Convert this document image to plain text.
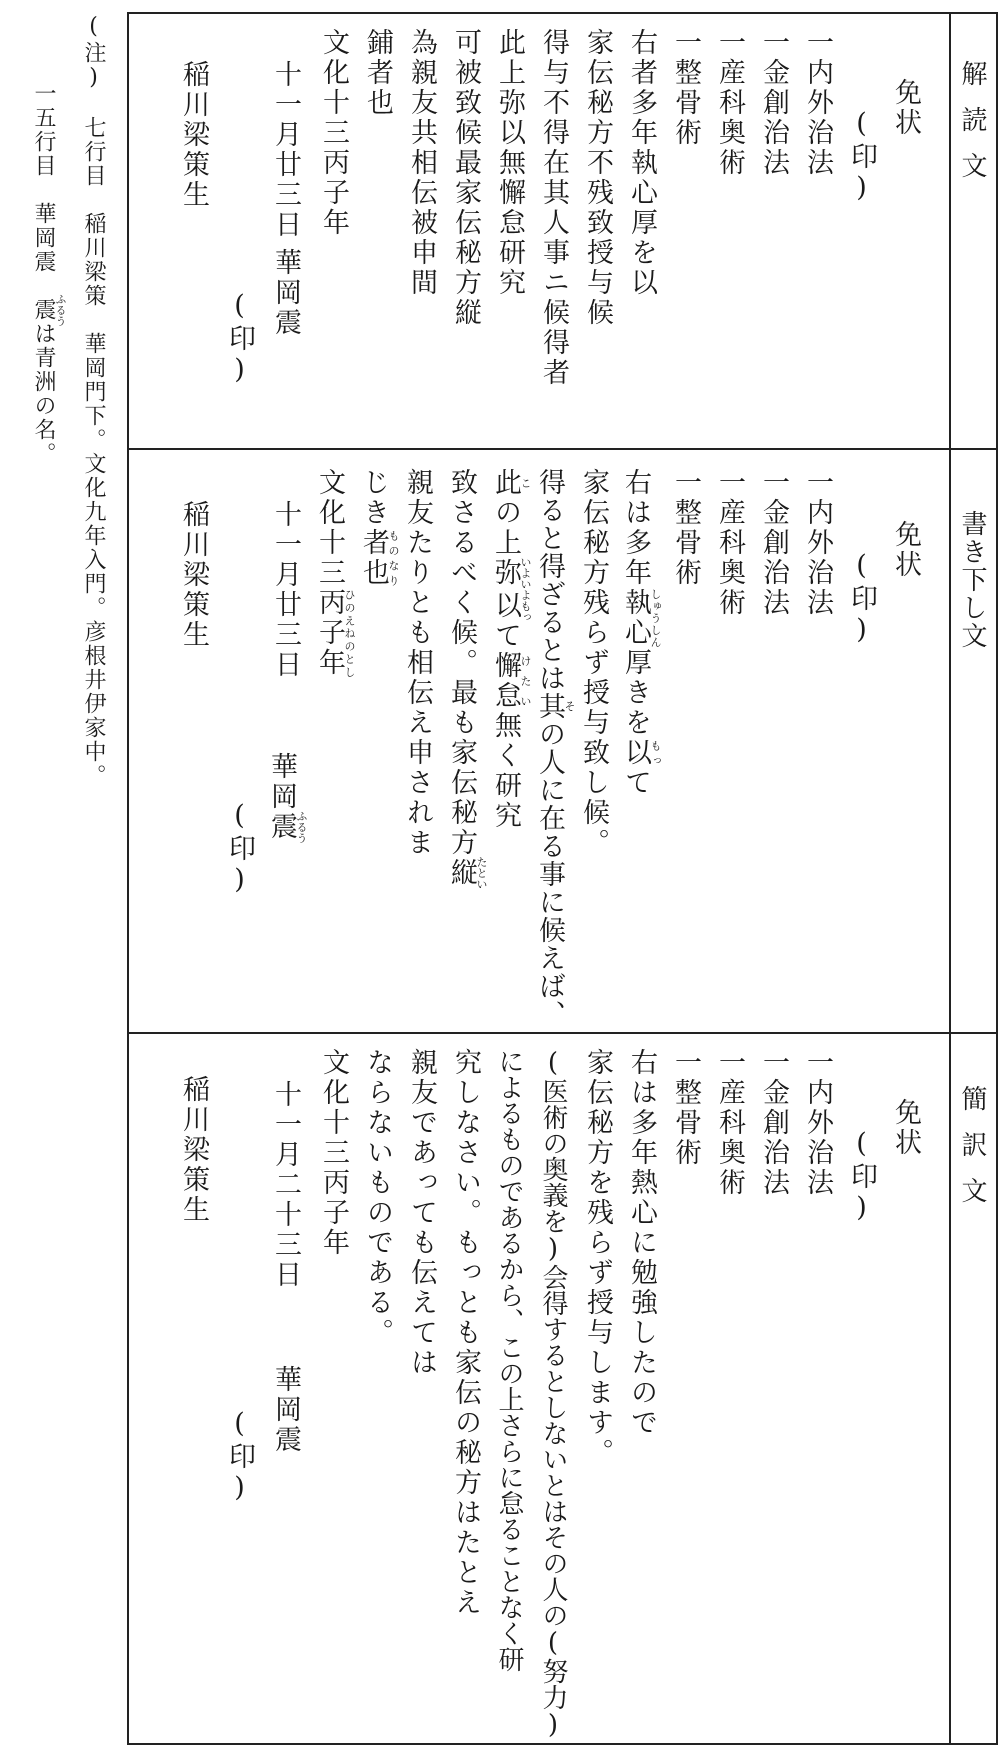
解読文
書き下し文
簡訳文
免状
(印)
一内外治法
一金創治法
一産科奥術
一整骨術
右者多年執心厚を以
家伝秘方不残致授与候
得与不得在其人事ニ候得者
此上弥以無懈怠研究
可被致候最家伝秘方縦
為親友共相伝被申間
鋪者也
文化十三丙子年
十一月廿三日
華岡震
(印)
稲川梁策生
免状
(印)
一内外治法
一金創治法
一産科奥術
一整骨術
右は多年執心しゅうしん厚きを以もって
家伝秘方残らず授与致し候。
得ると得ざるとは其その人に在る事に候えば、
此この上弥以いよいよもって懈怠けたい無く研究
致さるべく候。最も家伝秘方縦たとい
親友たりとも相伝え申されま
じき者也ものなり
文化十三丙子年ひのえねのとし
十一月廿三日
華岡震ふるう
(印)
稲川梁策生
免状
(印)
一内外治法
一金創治法
一産科奥術
一整骨術
右は多年熱心に勉強したので
家伝秘方を残らず授与します。
(医術の奥義を)会得するとしないとはその人の(努力)
によるものであるから、この上さらに怠ることなく研
究しなさい。もっとも家伝の秘方はたとえ
親友であっても伝えては
ならないものである。
文化十三丙子年
十一月二十三日
華岡震
(印)
稲川梁策生
(注)　七行目　稲川梁策　華岡門下。文化九年入門。彦根井伊家中。
一五行目　華岡震　震ふるうは青洲の名。
